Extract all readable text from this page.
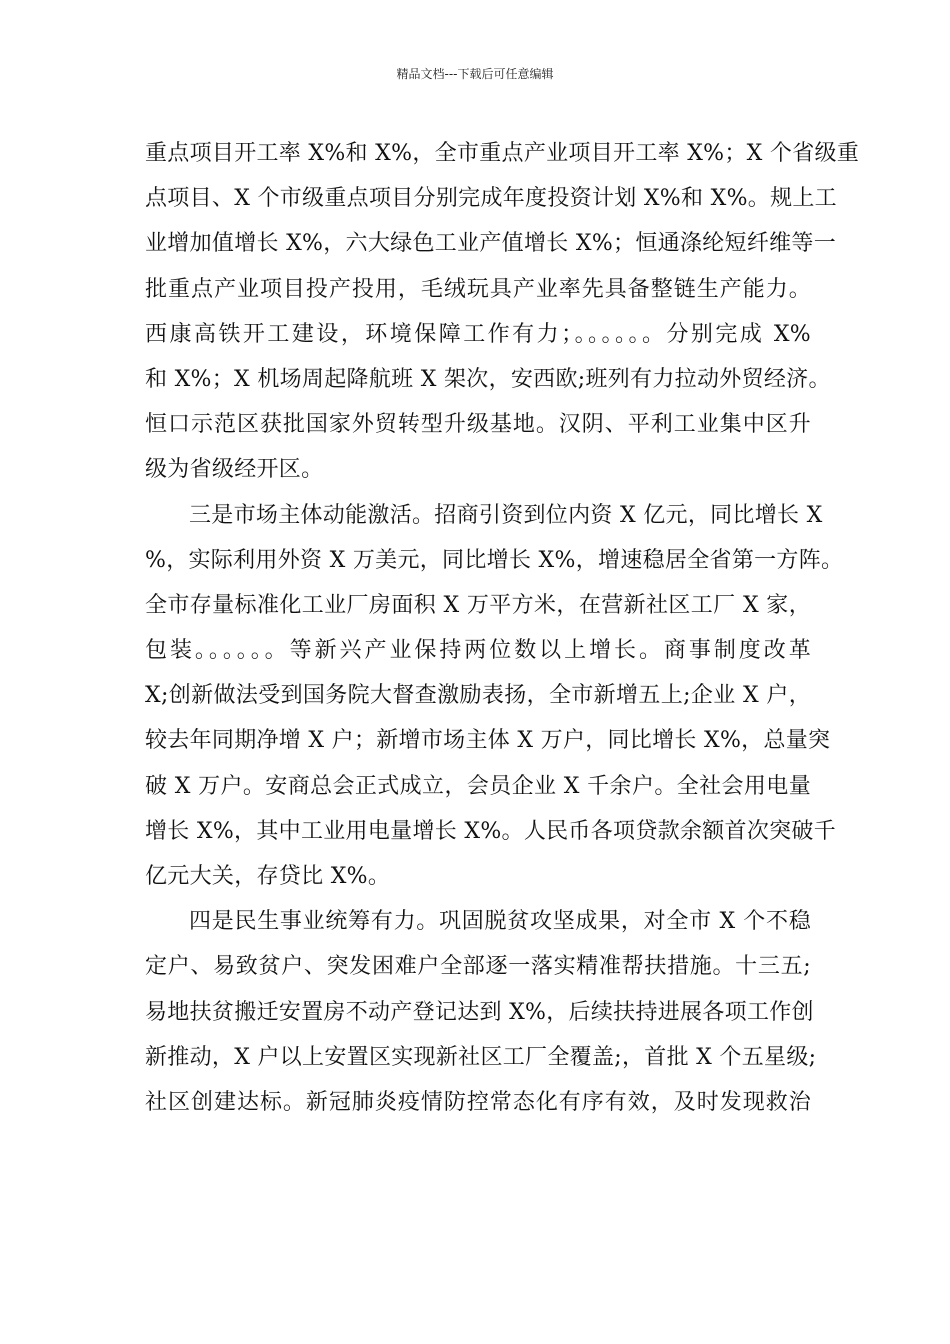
精品文档---下载后可任意编辑
重点项目开工率 X%和 X%，全市重点产业项目开工率 X%；X 个省级重
点项目、X 个市级重点项目分别完成年度投资计划 X%和 X%。规上工
业增加值增长 X%，六大绿色工业产值增长 X%；恒通涤纶短纤维等一
批重点产业项目投产投用，毛绒玩具产业率先具备整链生产能力。
西康高铁开工建设，环境保障工作有力；。。。。。。分别完成 X%
和 X%；X 机场周起降航班 X 架次，安西欧;班列有力拉动外贸经济。
恒口示范区获批国家外贸转型升级基地。汉阴、平利工业集中区升
级为省级经开区。
三是市场主体动能激活。招商引资到位内资 X 亿元，同比增长 X
%，实际利用外资 X 万美元，同比增长 X%，增速稳居全省第一方阵。
全市存量标准化工业厂房面积 X 万平方米，在营新社区工厂 X 家，
包装。。。。。。等新兴产业保持两位数以上增长。商事制度改革
X;创新做法受到国务院大督查激励表扬，全市新增五上;企业 X 户，
较去年同期净增 X 户；新增市场主体 X 万户，同比增长 X%，总量突
破 X 万户。安商总会正式成立，会员企业 X 千余户。全社会用电量
增长 X%，其中工业用电量增长 X%。人民币各项贷款余额首次突破千
亿元大关，存贷比 X%。
四是民生事业统筹有力。巩固脱贫攻坚成果，对全市 X 个不稳
定户、易致贫户、突发困难户全部逐一落实精准帮扶措施。十三五;
易地扶贫搬迁安置房不动产登记达到 X%，后续扶持进展各项工作创
新推动，X 户以上安置区实现新社区工厂全覆盖;，首批 X 个五星级;
社区创建达标。新冠肺炎疫情防控常态化有序有效，及时发现救治
